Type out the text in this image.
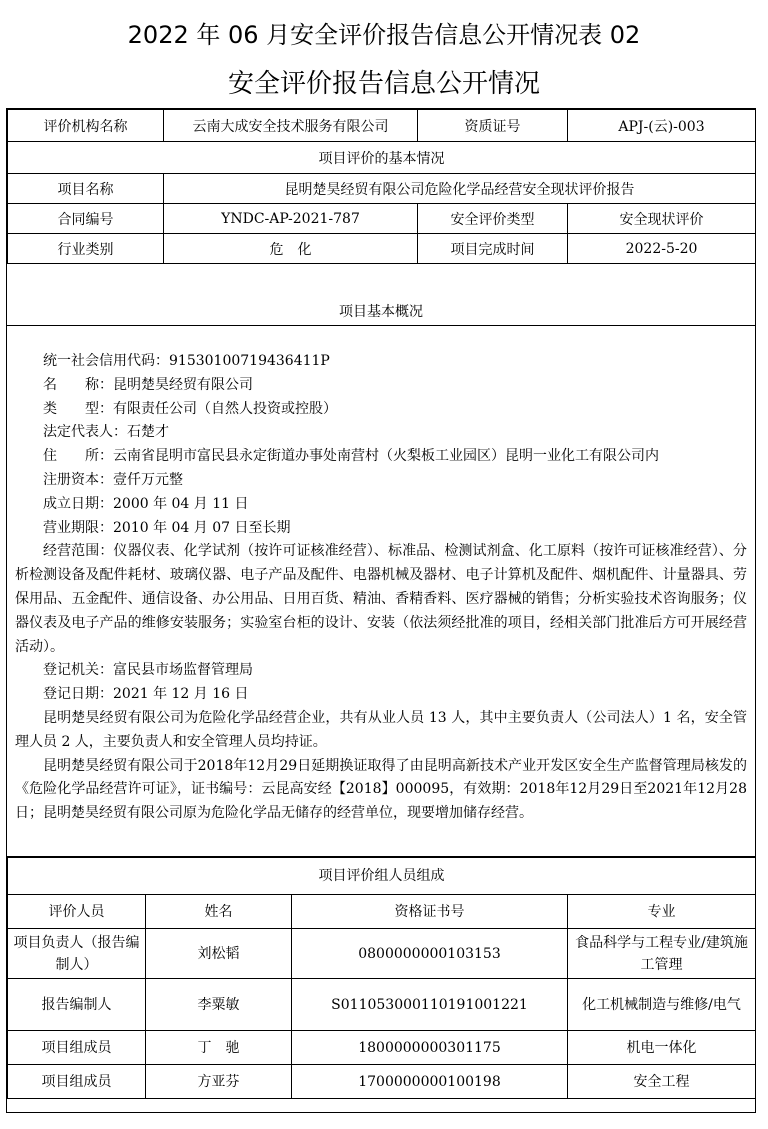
2022 年 06 月安全评价报告信息公开情况表 02
安全评价报告信息公开情况
评价机构名称	云南大成安全技术服务有限公司	资质证号	APJ-(云)-003
项目评价的基本情况			
项目名称	昆明楚昊经贸有限公司危险化学品经营安全现状评价报告		
合同编号	YNDC-AP-2021-787	安全评价类型	安全现状评价
行业类别	危　化	项目完成时间	2022-5-20
项目基本概况

统一社会信用代码：91530100719436411P

名　　称：昆明楚昊经贸有限公司

类　　型：有限责任公司（自然人投资或控股）

法定代表人：石楚才

住　　所：云南省昆明市富民县永定街道办事处南营村（火梨板工业园区）昆明一业化工有限公司内

注册资本：壹仟万元整

成立日期：2000 年 04 月 11 日

营业期限：2010 年 04 月 07 日至长期

经营范围：仪器仪表、化学试剂（按许可证核准经营）、标准品、检测试剂盒、化工原料（按许可证核准经营）、分析检测设备及配件耗材、玻璃仪器、电子产品及配件、电器机械及器材、电子计算机及配件、烟机配件、计量器具、劳保用品、五金配件、通信设备、办公用品、日用百货、精油、香精香料、医疗器械的销售；分析实验技术咨询服务；仪器仪表及电子产品的维修安装服务；实验室台柜的设计、安装（依法须经批准的项目，经相关部门批准后方可开展经营活动）。

登记机关：富民县市场监督管理局

登记日期：2021 年 12 月 16 日

昆明楚昊经贸有限公司为危险化学品经营企业，共有从业人员 13 人，其中主要负责人（公司法人）1 名，安全管理人员 2 人，主要负责人和安全管理人员均持证。

昆明楚昊经贸有限公司于2018年12月29日延期换证取得了由昆明高新技术产业开发区安全生产监督管理局核发的《危险化学品经营许可证》，证书编号：云昆高安经【2018】000095，有效期：2018年12月29日至2021年12月28日；昆明楚昊经贸有限公司原为危险化学品无储存的经营单位，现要增加储存经营。

项目评价组人员组成			
评价人员	姓名	资格证书号	专业
项目负责人（报告编制人）	刘松韬	0800000000103153	食品科学与工程专业/建筑施工管理
报告编制人	李粟敏	S011053000110191001221	化工机械制造与维修/电气
项目组成员	丁　驰	1800000000301175	机电一体化
项目组成员	方亚芬	1700000000100198	安全工程
